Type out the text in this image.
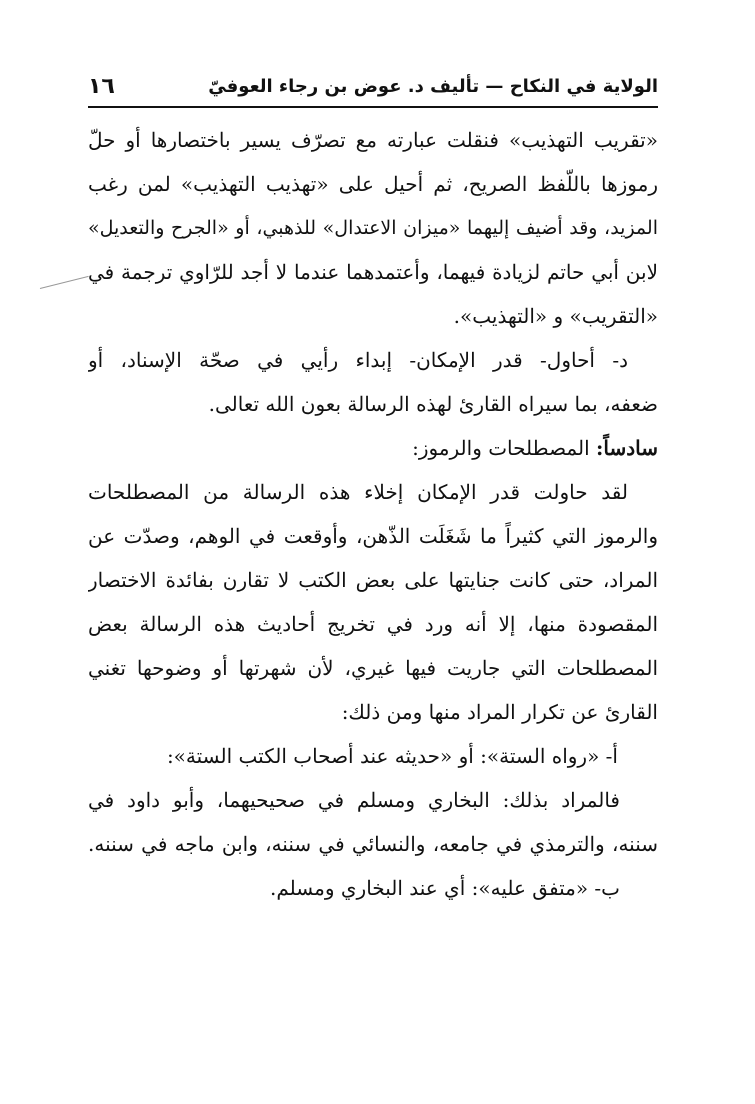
الولاية في النكاح — تأليف د. عوض بن رجاء العوفيّ
١٦
«تقريب التهذيب» فنقلت عبارته مع تصرّف يسير باختصارها أو حلّ
رموزها باللّفظ الصريح، ثم أحيل على «تهذيب التهذيب» لمن رغب
المزيد، وقد أضيف إليهما «ميزان الاعتدال» للذهبي، أو «الجرح والتعديل»
لابن أبي حاتم لزيادة فيهما، وأعتمدهما عندما لا أجد للرّاوي ترجمة في
«التقريب» و «التهذيب».
د- أحاول- قدر الإمكان- إبداء رأيي في صحّة الإسناد، أو
ضعفه، بما سيراه القارئ لهذه الرسالة بعون الله تعالى.
سادساً: المصطلحات والرموز:
لقد حاولت قدر الإمكان إخلاء هذه الرسالة من المصطلحات
والرموز التي كثيراً ما شَغَلَت الذّهن، وأوقعت في الوهم، وصدّت عن
المراد، حتى كانت جنايتها على بعض الكتب لا تقارن بفائدة الاختصار
المقصودة منها، إلا أنه ورد في تخريج أحاديث هذه الرسالة بعض
المصطلحات التي جاريت فيها غيري، لأن شهرتها أو وضوحها تغني
القارئ عن تكرار المراد منها ومن ذلك:
أ- «رواه الستة»: أو «حديثه عند أصحاب الكتب الستة»:
فالمراد بذلك: البخاري ومسلم في صحيحيهما، وأبو داود في
سننه، والترمذي في جامعه، والنسائي في سننه، وابن ماجه في سننه.
ب- «متفق عليه»: أي عند البخاري ومسلم.
